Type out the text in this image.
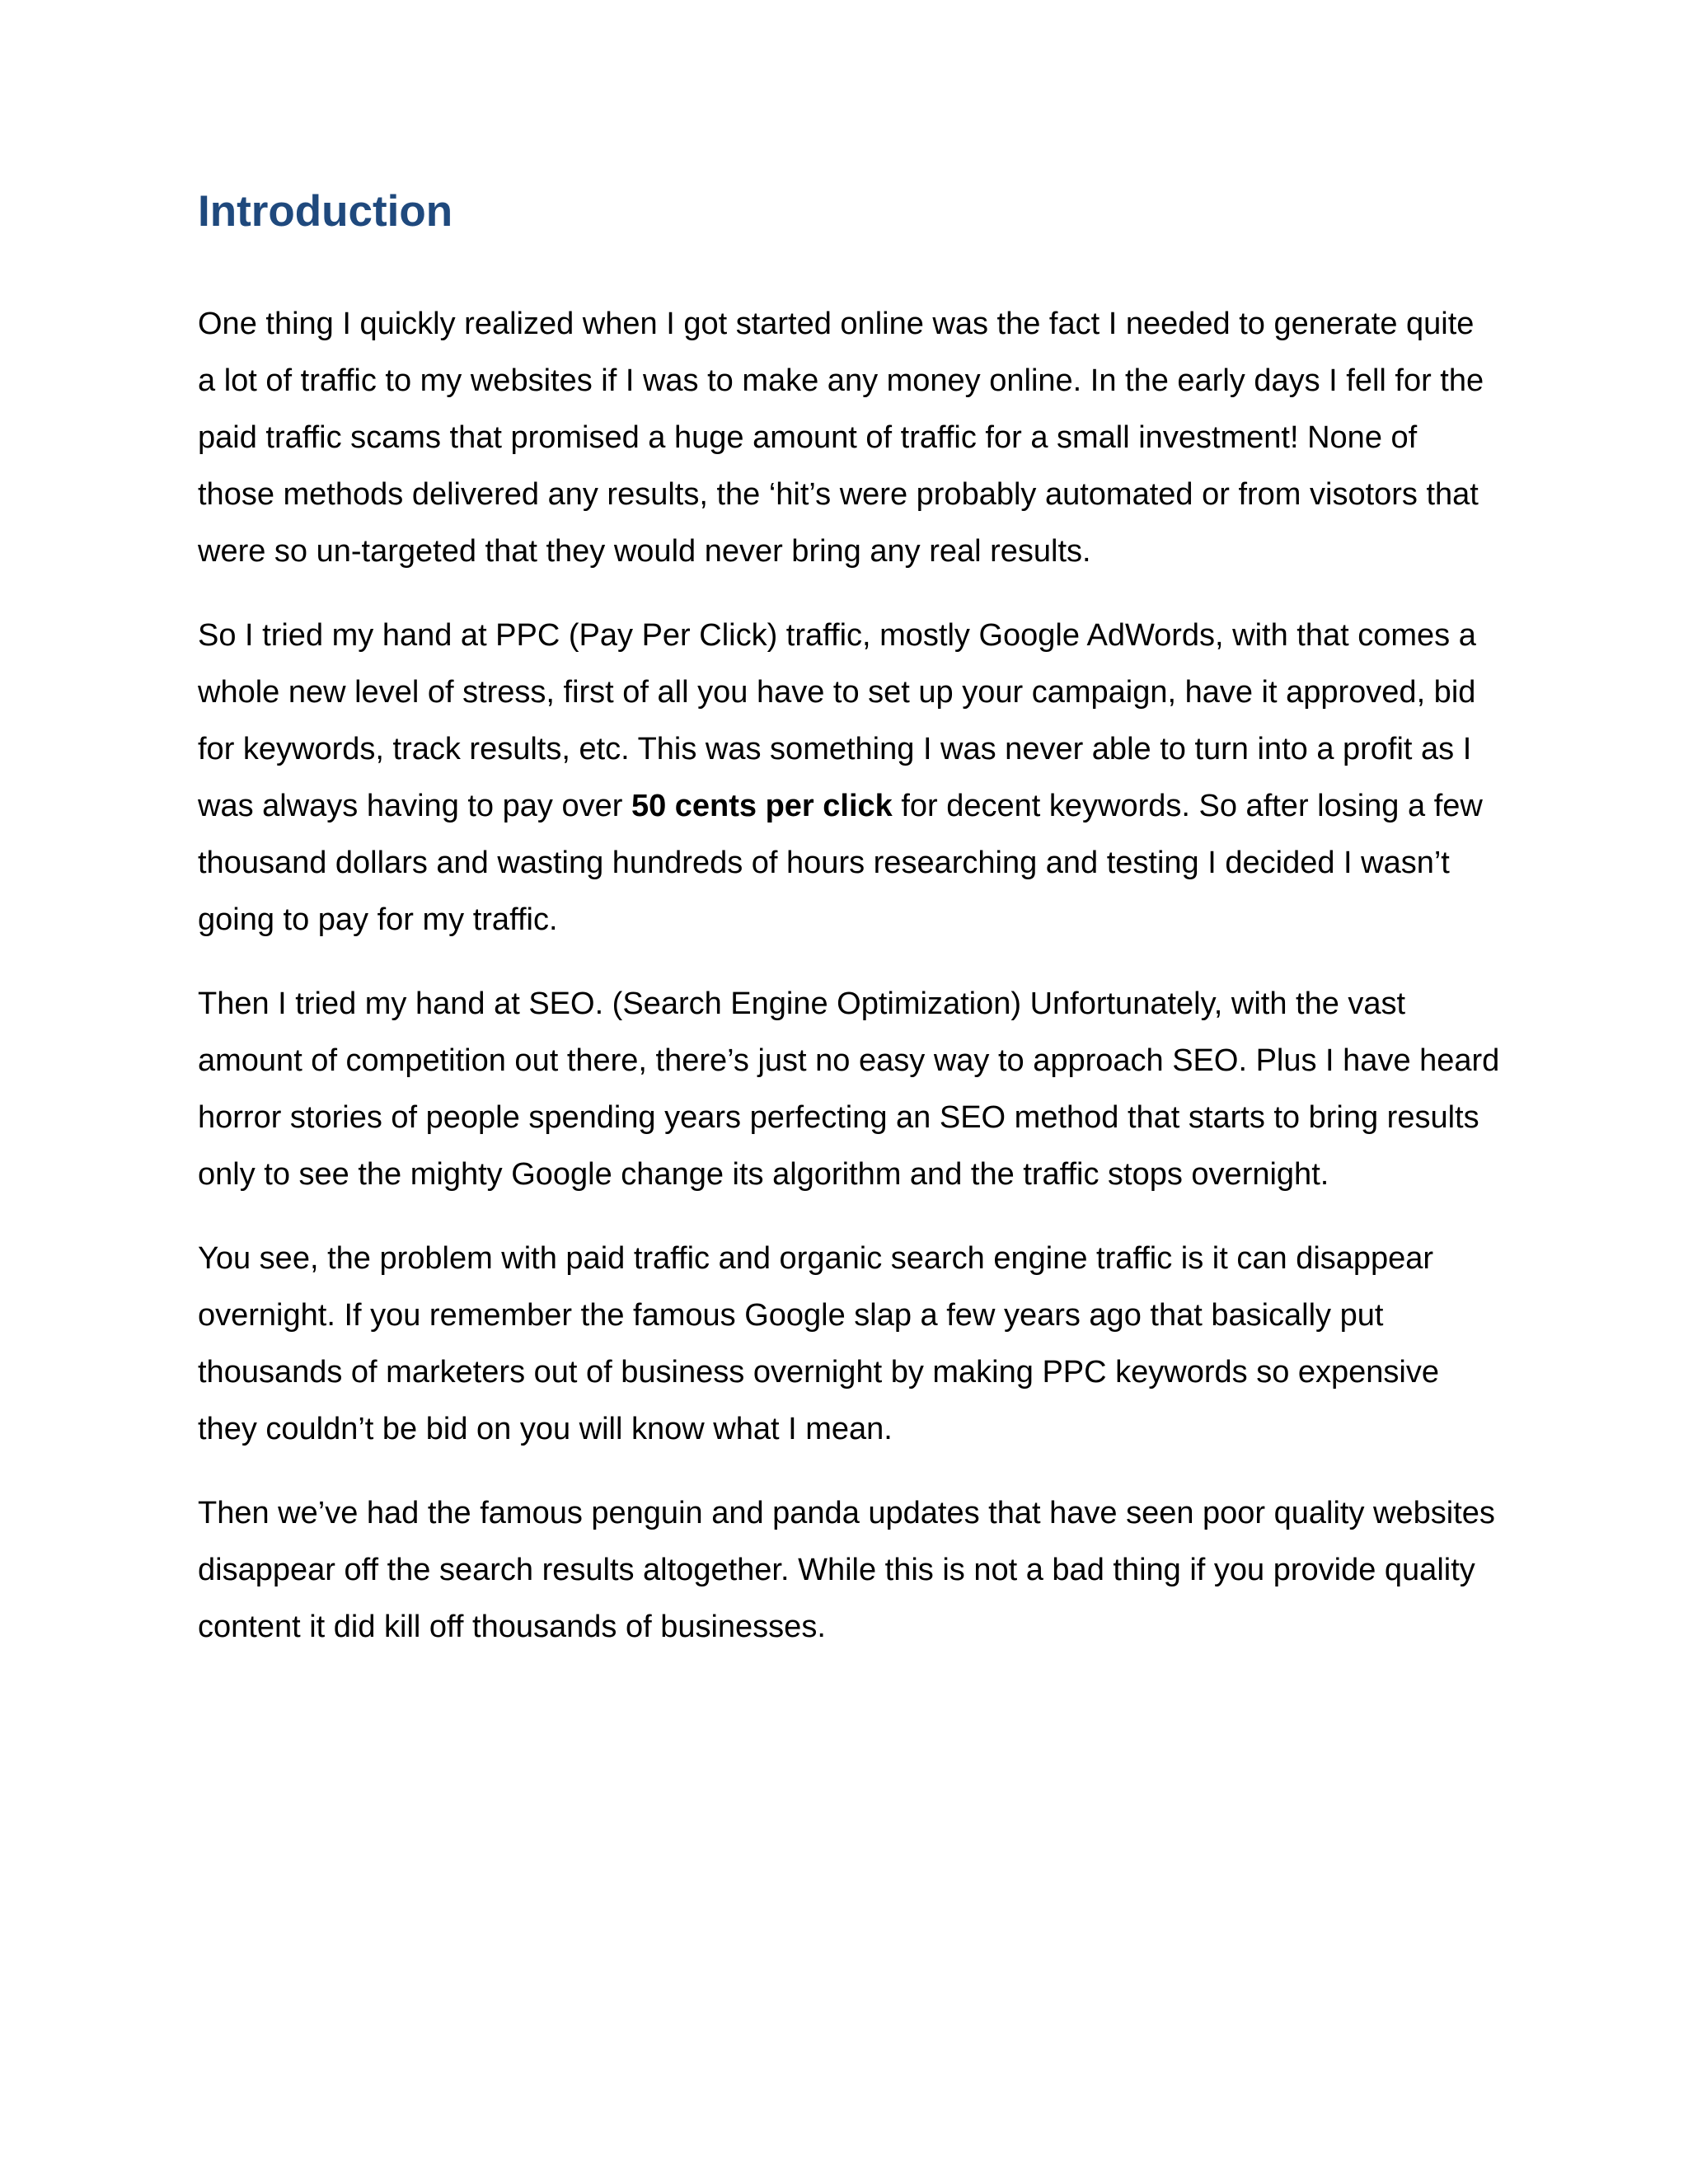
Introduction

One thing I quickly realized when I got started online was the fact I needed to generate quite a lot of traffic to my websites if I was to make any money online. In the early days I fell for the paid traffic scams that promised a huge amount of traffic for a small investment! None of those methods delivered any results, the ‘hit’s were probably automated or from visotors that were so un-targeted that they would never bring any real results.

So I tried my hand at PPC (Pay Per Click) traffic, mostly Google AdWords, with that comes a whole new level of stress, first of all you have to set up your campaign, have it approved, bid for keywords, track results, etc. This was something I was never able to turn into a profit as I was always having to pay over 50 cents per click for decent keywords. So after losing a few thousand dollars and wasting hundreds of hours researching and testing I decided I wasn’t going to pay for my traffic.

Then I tried my hand at SEO. (Search Engine Optimization) Unfortunately, with the vast amount of competition out there, there’s just no easy way to approach SEO. Plus I have heard horror stories of people spending years perfecting an SEO method that starts to bring results only to see the mighty Google change its algorithm and the traffic stops overnight.

You see, the problem with paid traffic and organic search engine traffic is it can disappear overnight. If you remember the famous Google slap a few years ago that basically put thousands of marketers out of business overnight by making PPC keywords so expensive they couldn’t be bid on you will know what I mean.

Then we’ve had the famous penguin and panda updates that have seen poor quality websites disappear off the search results altogether. While this is not a bad thing if you provide quality content it did kill off thousands of businesses.
